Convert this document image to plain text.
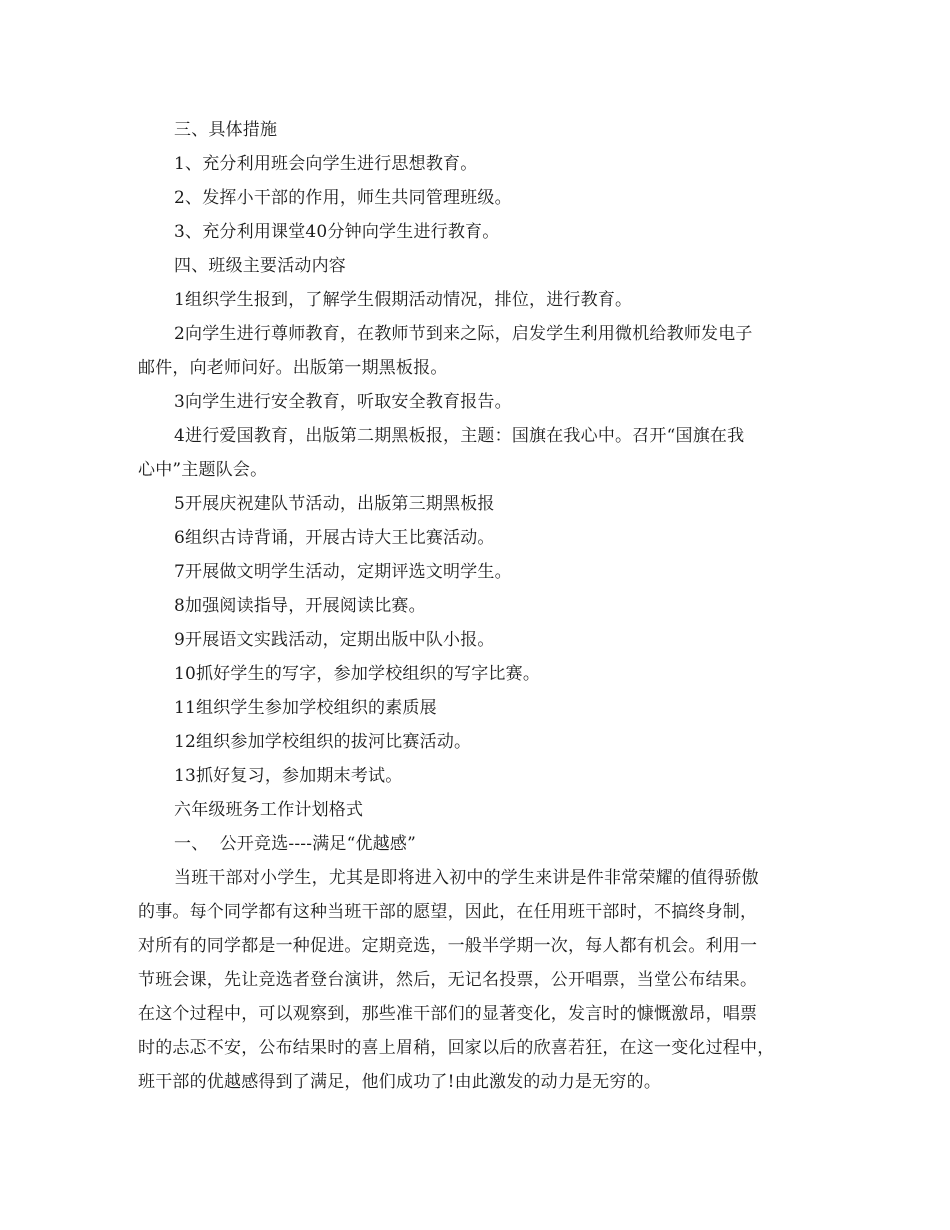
三、具体措施
1、充分利用班会向学生进行思想教育。
2、发挥小干部的作用，师生共同管理班级。
3、充分利用课堂40分钟向学生进行教育。
四、班级主要活动内容
1组织学生报到，了解学生假期活动情况，排位，进行教育。
2向学生进行尊师教育，在教师节到来之际，启发学生利用微机给教师发电子
邮件，向老师问好。出版第一期黑板报。
3向学生进行安全教育，听取安全教育报告。
4进行爱国教育，出版第二期黑板报，主题：国旗在我心中。召开“国旗在我
心中”主题队会。
5开展庆祝建队节活动，出版第三期黑板报
6组织古诗背诵，开展古诗大王比赛活动。
7开展做文明学生活动，定期评选文明学生。
8加强阅读指导，开展阅读比赛。
9开展语文实践活动，定期出版中队小报。
10抓好学生的写字，参加学校组织的写字比赛。
11组织学生参加学校组织的素质展
12组织参加学校组织的拔河比赛活动。
13抓好复习，参加期末考试。
六年级班务工作计划格式
一、  公开竞选----满足“优越感”
当班干部对小学生，尤其是即将进入初中的学生来讲是件非常荣耀的值得骄傲
的事。每个同学都有这种当班干部的愿望，因此，在任用班干部时，不搞终身制，
对所有的同学都是一种促进。定期竞选，一般半学期一次，每人都有机会。利用一
节班会课，先让竞选者登台演讲，然后，无记名投票，公开唱票，当堂公布结果。
在这个过程中，可以观察到，那些准干部们的显著变化，发言时的慷慨激昂，唱票
时的忐忑不安，公布结果时的喜上眉稍，回家以后的欣喜若狂，在这一变化过程中，
班干部的优越感得到了满足，他们成功了!由此激发的动力是无穷的。
